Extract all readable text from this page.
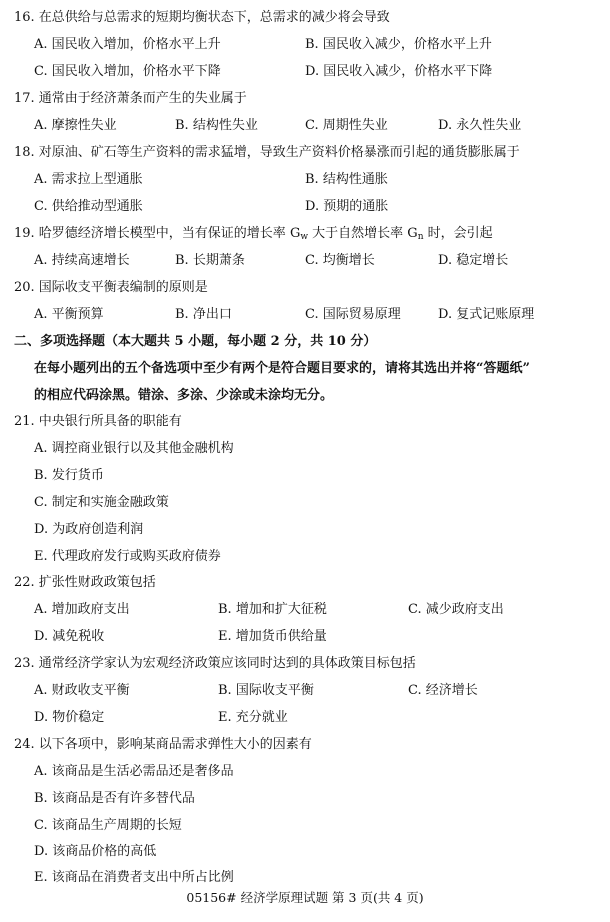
16. 在总供给与总需求的短期均衡状态下，总需求的减少将会导致
A. 国民收入增加，价格水平上升	B. 国民收入减少，价格水平上升
C. 国民收入增加，价格水平下降	D. 国民收入减少，价格水平下降
17. 通常由于经济萧条而产生的失业属于
A. 摩擦性失业	B. 结构性失业	C. 周期性失业	D. 永久性失业
18. 对原油、矿石等生产资料的需求猛增，导致生产资料价格暴涨而引起的通货膨胀属于
A. 需求拉上型通胀	B. 结构性通胀
C. 供给推动型通胀	D. 预期的通胀
19. 哈罗德经济增长模型中，当有保证的增长率 $G_w$ 大于自然增长率 $G_n$ 时，会引起
A. 持续高速增长	B. 长期萧条	C. 均衡增长	D. 稳定增长
20. 国际收支平衡表编制的原则是
A. 平衡预算	B. 净出口	C. 国际贸易原理	D. 复式记账原理
二、多项选择题（本大题共 5 小题，每小题 2 分，共 10 分）
在每小题列出的五个备选项中至少有两个是符合题目要求的，请将其选出并将“答题纸”
的相应代码涂黑。错涂、多涂、少涂或未涂均无分。
21. 中央银行所具备的职能有
A. 调控商业银行以及其他金融机构
B. 发行货币
C. 制定和实施金融政策
D. 为政府创造利润
E. 代理政府发行或购买政府债券
22. 扩张性财政政策包括
A. 增加政府支出	B. 增加和扩大征税	C. 减少政府支出
D. 减免税收	E. 增加货币供给量
23. 通常经济学家认为宏观经济政策应该同时达到的具体政策目标包括
A. 财政收支平衡	B. 国际收支平衡	C. 经济增长
D. 物价稳定	E. 充分就业
24. 以下各项中，影响某商品需求弹性大小的因素有
A. 该商品是生活必需品还是奢侈品
B. 该商品是否有许多替代品
C. 该商品生产周期的长短
D. 该商品价格的高低
E. 该商品在消费者支出中所占比例
05156# 经济学原理试题 第 3 页(共 4 页)
